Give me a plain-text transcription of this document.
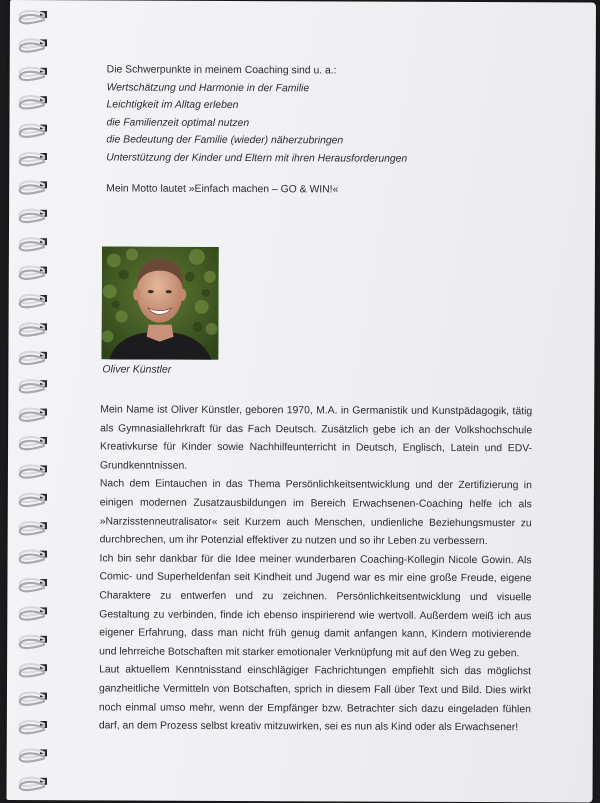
Die Schwerpunkte in meinem Coaching sind u. a.:
Wertschätzung und Harmonie in der Familie
Leichtigkeit im Alltag erleben
die Familienzeit optimal nutzen
die Bedeutung der Familie (wieder) näherzubringen
Unterstützung der Kinder und Eltern mit ihren Herausforderungen
Mein Motto lautet »Einfach machen – GO & WIN!«
Oliver Künstler

Mein Name ist Oliver Künstler, geboren 1970, M.A. in Germanistik und Kunstpädagogik, tätig als Gymnasiallehrkraft für das Fach Deutsch. Zusätzlich gebe ich an der Volkshochschule Kreativkurse für Kinder sowie Nachhilfeunterricht in Deutsch, Englisch, Latein und EDV-Grundkenntnissen.

Nach dem Eintauchen in das Thema Persönlichkeitsentwicklung und der Zertifizierung in einigen modernen Zusatzausbildungen im Bereich Erwachsenen-Coaching helfe ich als »Narzisstenneutralisator« seit Kurzem auch Menschen, undienliche Beziehungsmuster zu durchbrechen, um ihr Potenzial effektiver zu nutzen und so ihr Leben zu verbessern.

Ich bin sehr dankbar für die Idee meiner wunderbaren Coaching-Kollegin Nicole Gowin. Als Comic- und Superheldenfan seit Kindheit und Jugend war es mir eine große Freude, eigene Charaktere zu entwerfen und zu zeichnen. Persönlichkeitsentwicklung und visuelle Gestaltung zu verbinden, finde ich ebenso inspirierend wie wertvoll. Außerdem weiß ich aus eigener Erfahrung, dass man nicht früh genug damit anfangen kann, Kindern motivierende und lehrreiche Botschaften mit starker emotionaler Verknüpfung mit auf den Weg zu geben.

Laut aktuellem Kenntnisstand einschlägiger Fachrichtungen empfiehlt sich das möglichst ganzheitliche Vermitteln von Botschaften, sprich in diesem Fall über Text und Bild. Dies wirkt noch einmal umso mehr, wenn der Empfänger bzw. Betrachter sich dazu eingeladen fühlen darf, an dem Prozess selbst kreativ mitzuwirken, sei es nun als Kind oder als Erwachsener!
